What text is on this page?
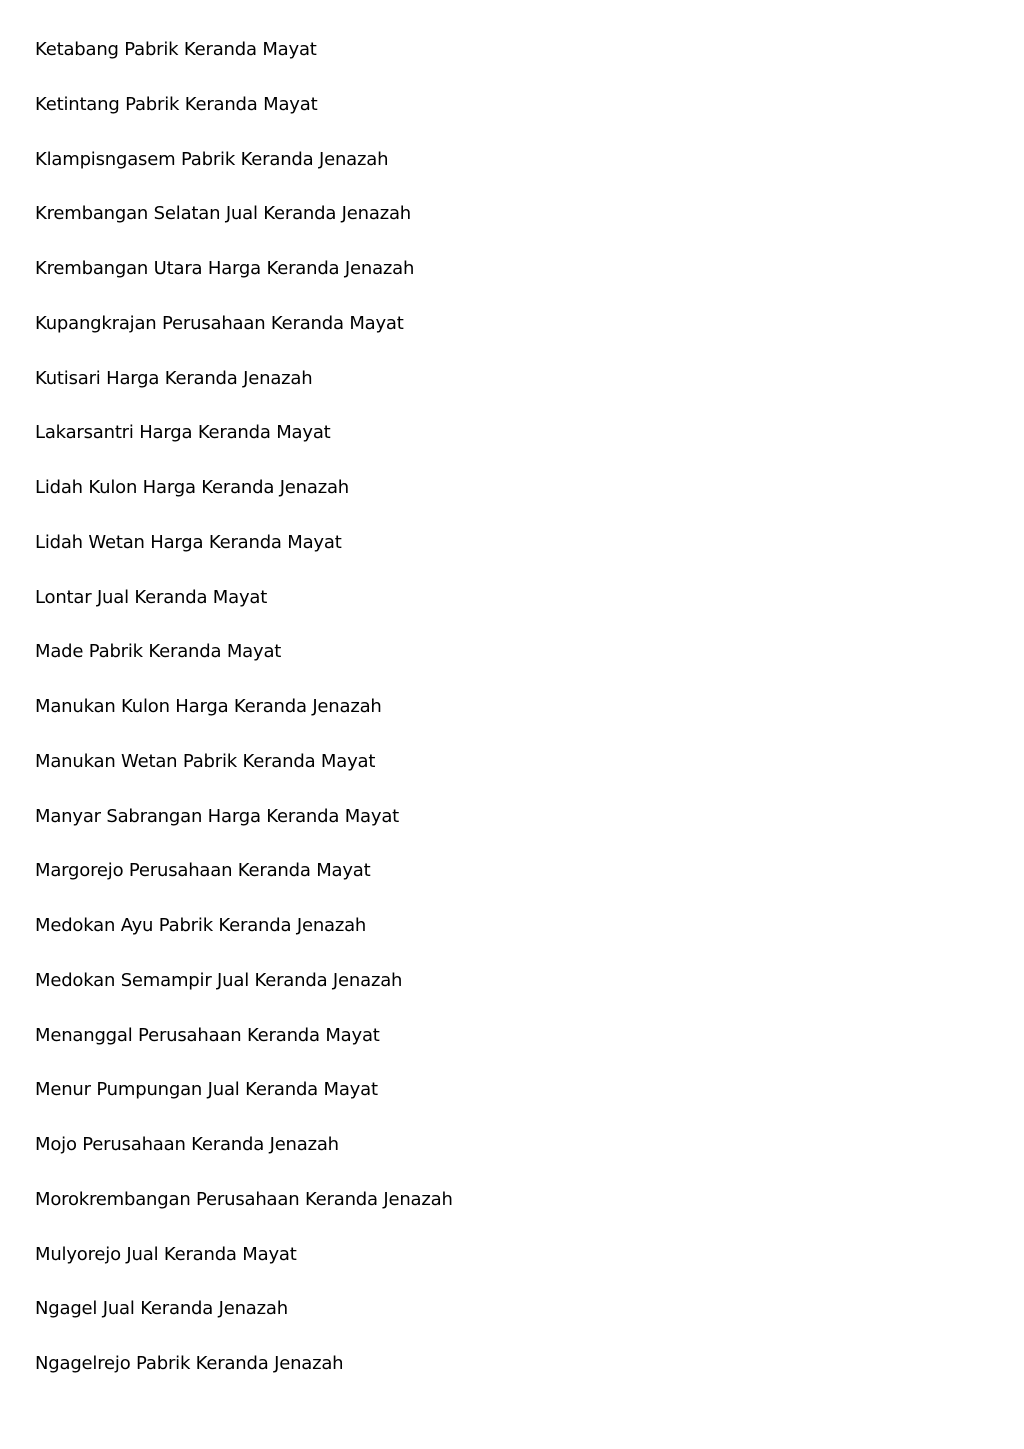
Ketabang Pabrik Keranda Mayat
Ketintang Pabrik Keranda Mayat
Klampisngasem Pabrik Keranda Jenazah
Krembangan Selatan Jual Keranda Jenazah
Krembangan Utara Harga Keranda Jenazah
Kupangkrajan Perusahaan Keranda Mayat
Kutisari Harga Keranda Jenazah
Lakarsantri Harga Keranda Mayat
Lidah Kulon Harga Keranda Jenazah
Lidah Wetan Harga Keranda Mayat
Lontar Jual Keranda Mayat
Made Pabrik Keranda Mayat
Manukan Kulon Harga Keranda Jenazah
Manukan Wetan Pabrik Keranda Mayat
Manyar Sabrangan Harga Keranda Mayat
Margorejo Perusahaan Keranda Mayat
Medokan Ayu Pabrik Keranda Jenazah
Medokan Semampir Jual Keranda Jenazah
Menanggal Perusahaan Keranda Mayat
Menur Pumpungan Jual Keranda Mayat
Mojo Perusahaan Keranda Jenazah
Morokrembangan Perusahaan Keranda Jenazah
Mulyorejo Jual Keranda Mayat
Ngagel Jual Keranda Jenazah
Ngagelrejo Pabrik Keranda Jenazah
